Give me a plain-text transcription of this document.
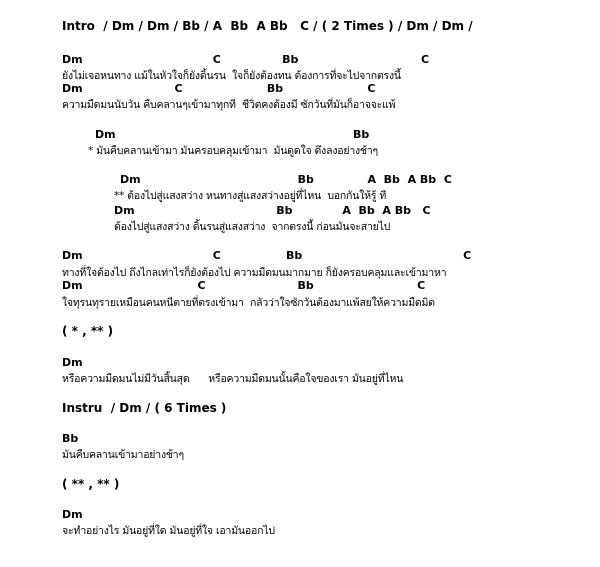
Intro  / Dm / Dm / Bb / A  Bb  A Bb   C / ( 2 Times ) / Dm / Dm /
Dm                                  C                Bb                                C
ยังไม่เจอหนทาง แม้ในหัวใจก็ยังดิ้นรน  ใจก็ยังต้องทน ต้องการที่จะไปจากตรงนี้
Dm                        C                      Bb                      C
ความมืดมนนับวัน คืบคลานๆเข้ามาทุกที  ชีวิตคงต้องมี ซักวันที่มันก็อาจจะแพ้
Dm                                                              Bb
* มันคืบคลานเข้ามา มันครอบคลุมเข้ามา  มันดูดใจ ดึงลงอย่างช้าๆ
Dm                                         Bb              A  Bb  A Bb  C
** ต้องไปสู่แสงสว่าง หนทางสู่แสงสว่างอยู่ที่ไหน  บอกกันให้รู้ ที
Dm                                     Bb             A  Bb  A Bb   C
ต้องไปสู่แสงสว่าง ดิ้นรนสู่แสงสว่าง  จากตรงนี้ ก่อนมันจะสายไป
Dm                                  C                 Bb                                          C
ทางที่ใจต้องไป ถึงไกลเท่าไรก็ยังต้องไป ความมืดมนมากมาย ก็ยังครอบคลุมและเข้ามาหา
Dm                              C                        Bb                           C
ใจทุรนทุรายเหมือนคนหนีตายที่ตรงเข้ามา  กลัวว่าใจซักวันต้องมาแพ้สยให้ความมืดมิด
( * , ** )
Dm
หรือความมืดมนไม่มีวันสิ้นสุด      หรือความมืดมนนั้นคือใจของเรา มันอยู่ที่ไหน
Instru  / Dm / ( 6 Times )
Bb
มันคืบคลานเข้ามาอย่างช้าๆ
( ** , ** )
Dm
จะทำอย่างไร มันอยู่ที่ใด มันอยู่ที่ใจ เอามันออกไป
